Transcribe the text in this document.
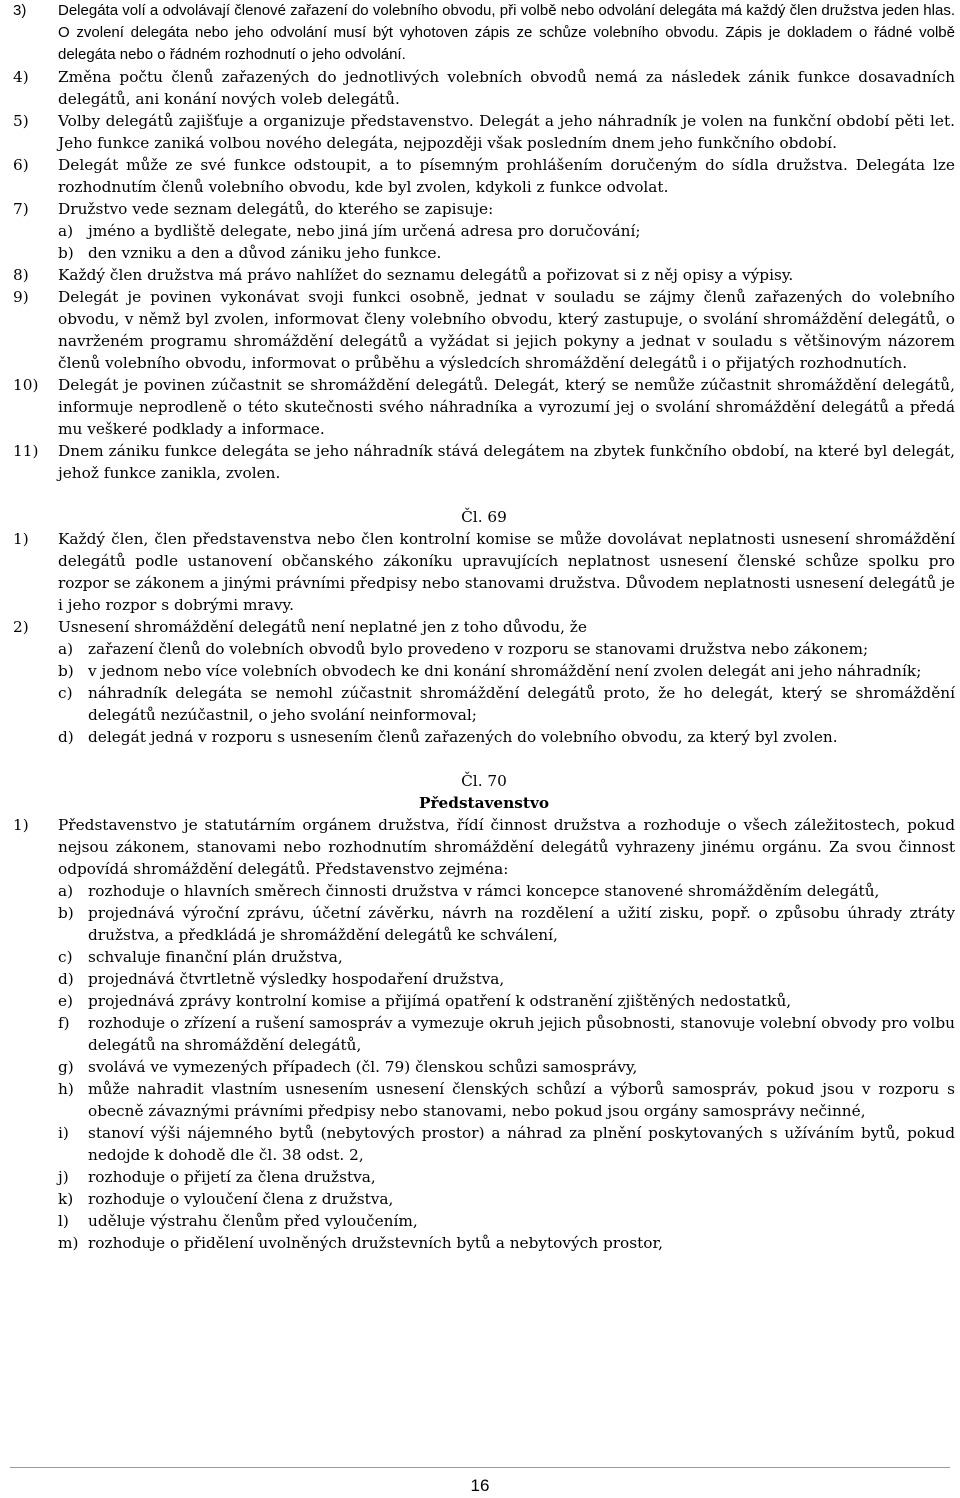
3) Delegáta volí a odvolávají členové zařazení do volebního obvodu, při volbě nebo odvolání delegáta má každý člen družstva jeden hlas. O zvolení delegáta nebo jeho odvolání musí být vyhotoven zápis ze schůze volebního obvodu. Zápis je dokladem o řádné volbě delegáta nebo o řádném rozhodnutí o jeho odvolání.
4) Změna počtu členů zařazených do jednotlivých volebních obvodů nemá za následek zánik funkce dosavadních delegátů, ani konání nových voleb delegátů.
5) Volby delegátů zajišťuje a organizuje představenstvo. Delegát a jeho náhradník je volen na funkční období pěti let. Jeho funkce zaniká volbou nového delegáta, nejpozději však posledním dnem jeho funkčního období.
6) Delegát může ze své funkce odstoupit, a to písemným prohlášením doručeným do sídla družstva. Delegáta lze rozhodnutím členů volebního obvodu, kde byl zvolen, kdykoli z funkce odvolat.
7) Družstvo vede seznam delegátů, do kterého se zapisuje:
a) jméno a bydliště delegate, nebo jiná jím určená adresa pro doručování;
b) den vzniku a den a důvod zániku jeho funkce.
8) Každý člen družstva má právo nahlížet do seznamu delegátů a pořizovat si z něj opisy a výpisy.
9) Delegát je povinen vykonávat svoji funkci osobně, jednat v souladu se zájmy členů zařazených do volebního obvodu, v němž byl zvolen, informovat členy volebního obvodu, který zastupuje, o svolání shromáždění delegátů, o navrženém programu shromáždění delegátů a vyžádat si jejich pokyny a jednat v souladu s většinovým názorem členů volebního obvodu, informovat o průběhu a výsledcích shromáždění delegátů i o přijatých rozhodnutích.
10) Delegát je povinen zúčastnit se shromáždění delegátů. Delegát, který se nemůže zúčastnit shromáždění delegátů, informuje neprodleně o této skutečnosti svého náhradníka a vyrozumí jej o svolání shromáždění delegátů a předá mu veškeré podklady a informace.
11) Dnem zániku funkce delegáta se jeho náhradník stává delegátem na zbytek funkčního období, na které byl delegát, jehož funkce zanikla, zvolen.
Čl. 69
1) Každý člen, člen představenstva nebo člen kontrolní komise se může dovolávat neplatnosti usnesení shromáždění delegátů podle ustanovení občanského zákoníku upravujících neplatnost usnesení členské schůze spolku pro rozpor se zákonem a jinými právními předpisy nebo stanovami družstva. Důvodem neplatnosti usnesení delegátů je i jeho rozpor s dobrými mravy.
2) Usnesení shromáždění delegátů není neplatné jen z toho důvodu, že
a) zařazení členů do volebních obvodů bylo provedeno v rozporu se stanovami družstva nebo zákonem;
b) v jednom nebo více volebních obvodech ke dni konání shromáždění není zvolen delegát ani jeho náhradník;
c) náhradník delegáta se nemohl zúčastnit shromáždění delegátů proto, že ho delegát, který se shromáždění delegátů nezúčastnil, o jeho svolání neinformoval;
d) delegát jedná v rozporu s usnesením členů zařazených do volebního obvodu, za který byl zvolen.
Čl. 70
Představenstvo
1) Představenstvo je statutárním orgánem družstva, řídí činnost družstva a rozhoduje o všech záležitostech, pokud nejsou zákonem, stanovami nebo rozhodnutím shromáždění delegátů vyhrazeny jinému orgánu. Za svou činnost odpovídá shromáždění delegátů. Představenstvo zejména:
a) rozhoduje o hlavních směrech činnosti družstva v rámci koncepce stanovené shromážděním delegátů,
b) projednává výroční zprávu, účetní závěrku, návrh na rozdělení a užití zisku, popř. o způsobu úhrady ztráty družstva, a předkládá je shromáždění delegátů ke schválení,
c) schvaluje finanční plán družstva,
d) projednává čtvrtletně výsledky hospodaření družstva,
e) projednává zprávy kontrolní komise a přijímá opatření k odstranění zjištěných nedostatků,
f) rozhoduje o zřízení a rušení samospráv a vymezuje okruh jejich působnosti, stanovuje volební obvody pro volbu delegátů na shromáždění delegátů,
g) svolává ve vymezených případech (čl. 79) členskou schůzi samosprávy,
h) může nahradit vlastním usnesením usnesení členských schůzí a výborů samospráv, pokud jsou v rozporu s obecně závaznými právními předpisy nebo stanovami, nebo pokud jsou orgány samosprávy nečinné,
i) stanoví výši nájemného bytů (nebytových prostor) a náhrad za plnění poskytovaných s užíváním bytů, pokud nedojde k dohodě dle čl. 38 odst. 2,
j) rozhoduje o přijetí za člena družstva,
k) rozhoduje o vyloučení člena z družstva,
l) uděluje výstrahu členům před vyloučením,
m) rozhoduje o přidělení uvolněných družstevních bytů a nebytových prostor,
16
